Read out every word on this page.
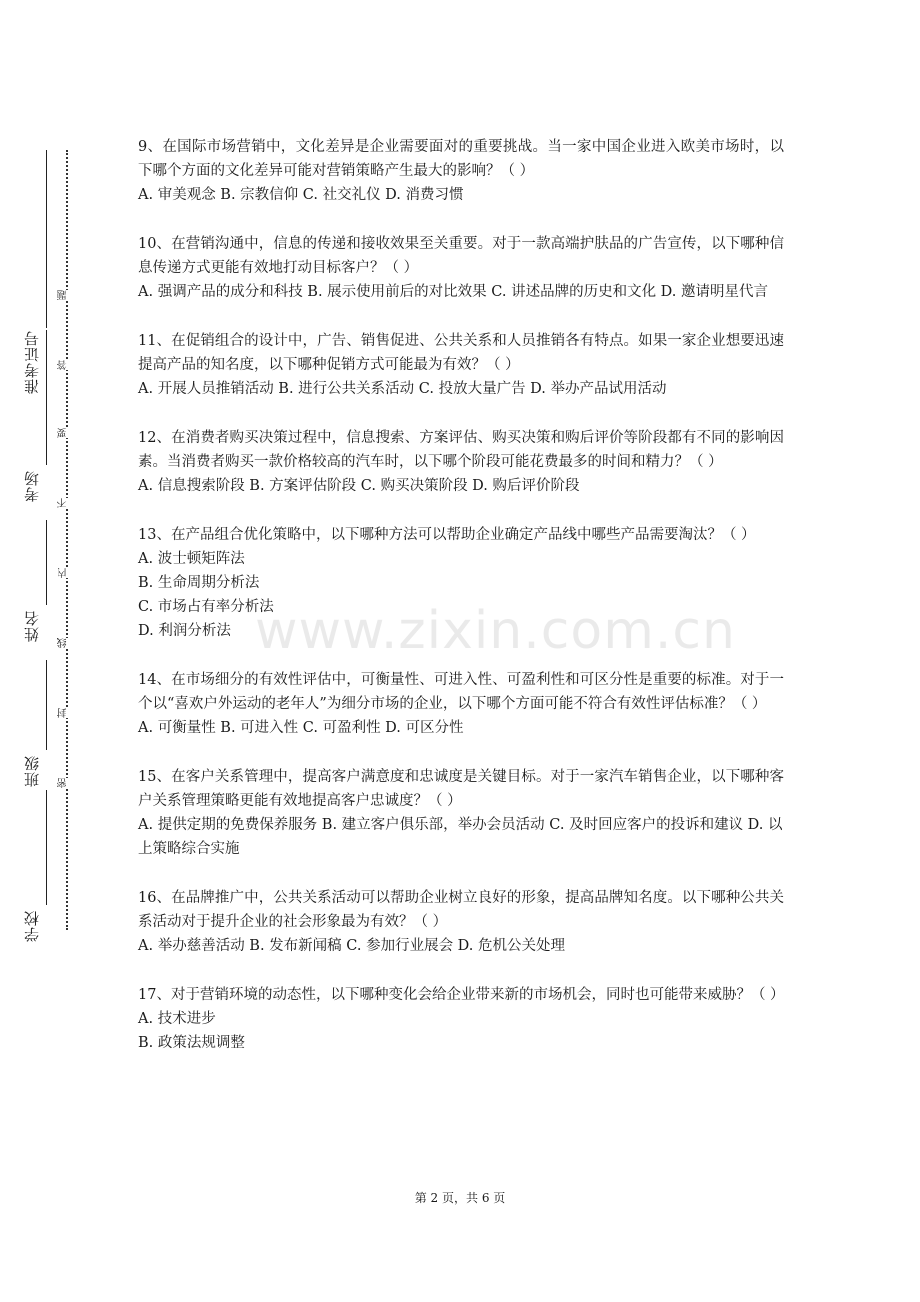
准考证号
考场
姓名
班级
学校
题
答
要
不
内
线
封
密

9、在国际市场营销中，文化差异是企业需要面对的重要挑战。当一家中国企业进入欧美市场时，以下哪个方面的文化差异可能对营销策略产生最大的影响？（ ）

A. 审美观念 B. 宗教信仰 C. 社交礼仪 D. 消费习惯

10、在营销沟通中，信息的传递和接收效果至关重要。对于一款高端护肤品的广告宣传，以下哪种信息传递方式更能有效地打动目标客户？（ ）

A. 强调产品的成分和科技 B. 展示使用前后的对比效果 C. 讲述品牌的历史和文化 D. 邀请明星代言

11、在促销组合的设计中，广告、销售促进、公共关系和人员推销各有特点。如果一家企业想要迅速提高产品的知名度，以下哪种促销方式可能最为有效？（ ）

A. 开展人员推销活动 B. 进行公共关系活动 C. 投放大量广告 D. 举办产品试用活动

12、在消费者购买决策过程中，信息搜索、方案评估、购买决策和购后评价等阶段都有不同的影响因素。当消费者购买一款价格较高的汽车时，以下哪个阶段可能花费最多的时间和精力？（ ）

A. 信息搜索阶段 B. 方案评估阶段 C. 购买决策阶段 D. 购后评价阶段

13、在产品组合优化策略中，以下哪种方法可以帮助企业确定产品线中哪些产品需要淘汰？（ ）

A. 波士顿矩阵法

B. 生命周期分析法

C. 市场占有率分析法

D. 利润分析法

14、在市场细分的有效性评估中，可衡量性、可进入性、可盈利性和可区分性是重要的标准。对于一个以“喜欢户外运动的老年人”为细分市场的企业，以下哪个方面可能不符合有效性评估标准？（ ）

A. 可衡量性 B. 可进入性 C. 可盈利性 D. 可区分性

15、在客户关系管理中，提高客户满意度和忠诚度是关键目标。对于一家汽车销售企业，以下哪种客户关系管理策略更能有效地提高客户忠诚度？（ ）

A. 提供定期的免费保养服务 B. 建立客户俱乐部，举办会员活动 C. 及时回应客户的投诉和建议 D. 以上策略综合实施

16、在品牌推广中，公共关系活动可以帮助企业树立良好的形象，提高品牌知名度。以下哪种公共关系活动对于提升企业的社会形象最为有效？（ ）

A. 举办慈善活动 B. 发布新闻稿 C. 参加行业展会 D. 危机公关处理

17、对于营销环境的动态性，以下哪种变化会给企业带来新的市场机会，同时也可能带来威胁？（ ）

A. 技术进步

B. 政策法规调整

www.zixin.com.cn
第 2 页，共 6 页
